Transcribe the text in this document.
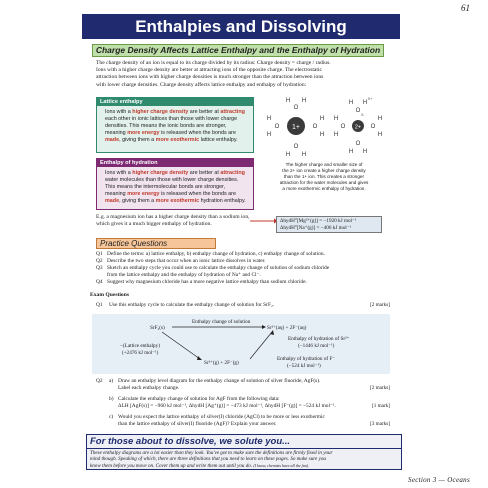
61
Enthalpies and Dissolving
Charge Density Affects Lattice Enthalpy and the Enthalpy of Hydration
The charge density of an ion is equal to its charge divided by its radius: Charge density = charge / radius.
Ions with a higher charge density are better at attracting ions of the opposite charge. The electrostatic
attraction between ions with higher charge densities is much stronger than the attraction between ions
with lower charge densities. Charge density affects lattice enthalpy and enthalpy of hydration:
Lattice enthalpy
Ions with a higher charge density are better at attracting
each other in ionic lattices than those with lower charge
densities. This means the ionic bonds are stronger,
meaning more energy is released when the bonds are
made, giving them a more exothermic lattice enthalpy.
Enthalpy of hydration
Ions with a higher charge density are better at attracting
water molecules than those with lower charge densities.
This means the intermolecular bonds are stronger,
meaning more energy is released when the bonds are
made, giving them a more exothermic hydration enthalpy.
1+
O
H H
O
H H
O
H
H
O
H
H
2+
O
H H
O
H H
O
H
H
O
H
H
δ-
δ+
The higher charge and smaller size of
the 2+ ion create a higher charge density
than the 1+ ion. This creates a stronger
attraction for the water molecules and gives
a more exothermic enthalpy of hydration.
E.g. a magnesium ion has a higher charge density than a sodium ion,
which gives it a much bigger enthalpy of hydration.
ΔhydH°[Mg²⁺(g)] = −1920 kJ mol⁻¹
ΔhydH°[Na⁺(g)] = −406 kJ mol⁻¹
Practice Questions
Q1 Define the terms: a) lattice enthalpy, b) enthalpy change of hydration, c) enthalpy change of solution.
Q2 Describe the two steps that occur when an ionic lattice dissolves in water.
Q3 Sketch an enthalpy cycle you could use to calculate the enthalpy change of solution of sodium chloride
from the lattice enthalpy and the enthalpy of hydration of Na⁺ and Cl⁻.
Q4 Suggest why magnesium chloride has a more negative lattice enthalpy than sodium chloride.
Exam Questions
Q1 Use this enthalpy cycle to calculate the enthalpy change of solution for SrF₂.	[2 marks]
SrF₂(s)
Enthalpy change of solution
Sr²⁺(aq) + 2F⁻(aq)
Sr²⁺(g) + 2F⁻(g)
−(Lattice enthalpy)
(+2476 kJ mol⁻¹)
Enthalpy of hydration of Sr²⁺
(−1446 kJ mol⁻¹)
Enthalpy of hydration of F⁻
(−524 kJ mol⁻¹)
Q2	a) Draw an enthalpy level diagram for the enthalpy change of solution of silver fluoride, AgF(s).
Label each enthalpy change.	[2 marks]
b) Calculate the enthalpy change of solution for AgF from the following data:
ΔLH [AgF(s)] = −960 kJ mol⁻¹, ΔhydH [Ag⁺(g)] = −473 kJ mol⁻¹, ΔhydH [F⁻(g)] = −524 kJ mol⁻¹.	[1 mark]
c) Would you expect the lattice enthalpy of silver(I) chloride (AgCl) to be more or less exothermic
than the lattice enthalpy of silver(I) fluoride (AgF)? Explain your answer.	[3 marks]
For those about to dissolve, we solute you...
These enthalpy diagrams are a lot easier than they look. You've got to make sure the definitions are firmly fixed in your
mind though. Speaking of which, there are three definitions that you need to learn on these pages. So make sure you
know them before you move on. Cover them up and write them out until you do. (I know, chemists have all the fun).
Section 3 — Oceans
